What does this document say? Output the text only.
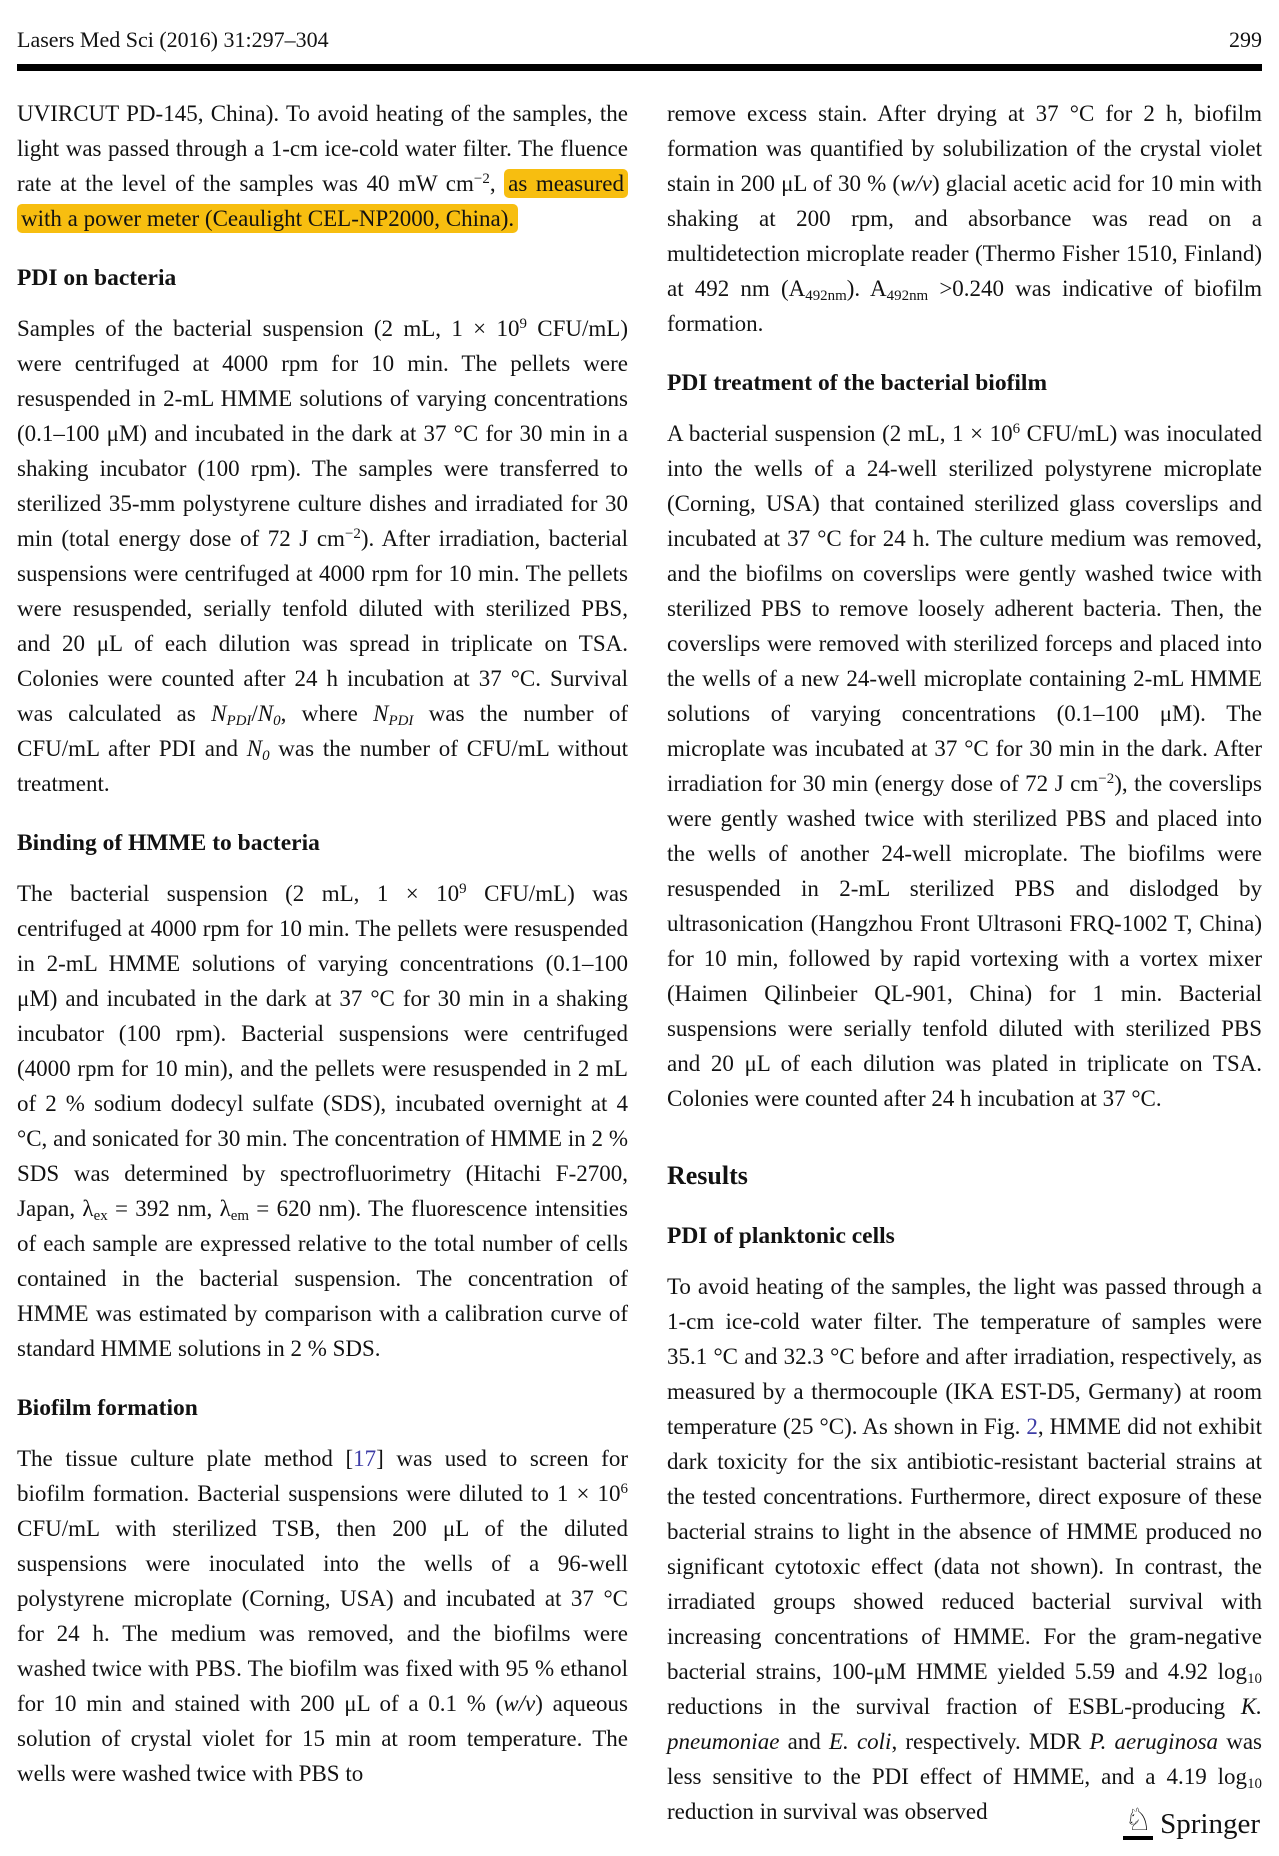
Lasers Med Sci (2016) 31:297–304	299

UVIRCUT PD-145, China). To avoid heating of the samples, the light was passed through a 1-cm ice-cold water filter. The fluence rate at the level of the samples was 40 mW $cm^{-2}$, as measured with a power meter (Ceaulight CEL-NP2000, China).

PDI on bacteria

Samples of the bacterial suspension (2 mL, $1 \times 10^9$ CFU/mL) were centrifuged at 4000 rpm for 10 min. The pellets were resuspended in 2-mL HMME solutions of varying concentrations (0.1–100 μM) and incubated in the dark at 37 °C for 30 min in a shaking incubator (100 rpm). The samples were transferred to sterilized 35-mm polystyrene culture dishes and irradiated for 30 min (total energy dose of 72 J $cm^{-2}$). After irradiation, bacterial suspensions were centrifuged at 4000 rpm for 10 min. The pellets were resuspended, serially tenfold diluted with sterilized PBS, and 20 μL of each dilution was spread in triplicate on TSA. Colonies were counted after 24 h incubation at 37 °C. Survival was calculated as NPDI/N0, where NPDI was the number of CFU/mL after PDI and N0 was the number of CFU/mL without treatment.

Binding of HMME to bacteria

The bacterial suspension (2 mL, $1 \times 10^9$ CFU/mL) was centrifuged at 4000 rpm for 10 min. The pellets were resuspended in 2-mL HMME solutions of varying concentrations (0.1–100 μM) and incubated in the dark at 37 °C for 30 min in a shaking incubator (100 rpm). Bacterial suspensions were centrifuged (4000 rpm for 10 min), and the pellets were resuspended in 2 mL of 2 % sodium dodecyl sulfate (SDS), incubated overnight at 4 °C, and sonicated for 30 min. The concentration of HMME in 2 % SDS was determined by spectrofluorimetry (Hitachi F-2700, Japan, λex = 392 nm, λem = 620 nm). The fluorescence intensities of each sample are expressed relative to the total number of cells contained in the bacterial suspension. The concentration of HMME was estimated by comparison with a calibration curve of standard HMME solutions in 2 % SDS.

Biofilm formation

The tissue culture plate method [17] was used to screen for biofilm formation. Bacterial suspensions were diluted to $1 \times 10^6$ CFU/mL with sterilized TSB, then 200 μL of the diluted suspensions were inoculated into the wells of a 96-well polystyrene microplate (Corning, USA) and incubated at 37 °C for 24 h. The medium was removed, and the biofilms were washed twice with PBS. The biofilm was fixed with 95 % ethanol for 10 min and stained with 200 μL of a 0.1 % (w/v) aqueous solution of crystal violet for 15 min at room temperature. The wells were washed twice with PBS to

remove excess stain. After drying at 37 °C for 2 h, biofilm formation was quantified by solubilization of the crystal violet stain in 200 μL of 30 % (w/v) glacial acetic acid for 10 min with shaking at 200 rpm, and absorbance was read on a multidetection microplate reader (Thermo Fisher 1510, Finland) at 492 nm (A492nm). A492nm >0.240 was indicative of biofilm formation.

PDI treatment of the bacterial biofilm

A bacterial suspension (2 mL, $1 \times 10^6$ CFU/mL) was inoculated into the wells of a 24-well sterilized polystyrene microplate (Corning, USA) that contained sterilized glass coverslips and incubated at 37 °C for 24 h. The culture medium was removed, and the biofilms on coverslips were gently washed twice with sterilized PBS to remove loosely adherent bacteria. Then, the coverslips were removed with sterilized forceps and placed into the wells of a new 24-well microplate containing 2-mL HMME solutions of varying concentrations (0.1–100 μM). The microplate was incubated at 37 °C for 30 min in the dark. After irradiation for 30 min (energy dose of 72 J $cm^{-2}$), the coverslips were gently washed twice with sterilized PBS and placed into the wells of another 24-well microplate. The biofilms were resuspended in 2-mL sterilized PBS and dislodged by ultrasonication (Hangzhou Front Ultrasoni FRQ-1002 T, China) for 10 min, followed by rapid vortexing with a vortex mixer (Haimen Qilinbeier QL-901, China) for 1 min. Bacterial suspensions were serially tenfold diluted with sterilized PBS and 20 μL of each dilution was plated in triplicate on TSA. Colonies were counted after 24 h incubation at 37 °C.

Results
PDI of planktonic cells

To avoid heating of the samples, the light was passed through a 1-cm ice-cold water filter. The temperature of samples were 35.1 °C and 32.3 °C before and after irradiation, respectively, as measured by a thermocouple (IKA EST-D5, Germany) at room temperature (25 °C). As shown in Fig. 2, HMME did not exhibit dark toxicity for the six antibiotic-resistant bacterial strains at the tested concentrations. Furthermore, direct exposure of these bacterial strains to light in the absence of HMME produced no significant cytotoxic effect (data not shown). In contrast, the irradiated groups showed reduced bacterial survival with increasing concentrations of HMME. For the gram-negative bacterial strains, 100-μM HMME yielded 5.59 and 4.92 log10 reductions in the survival fraction of ESBL-producing K. pneumoniae and E. coli, respectively. MDR P. aeruginosa was less sensitive to the PDI effect of HMME, and a 4.19 log10 reduction in survival was observed	♘ Springer
